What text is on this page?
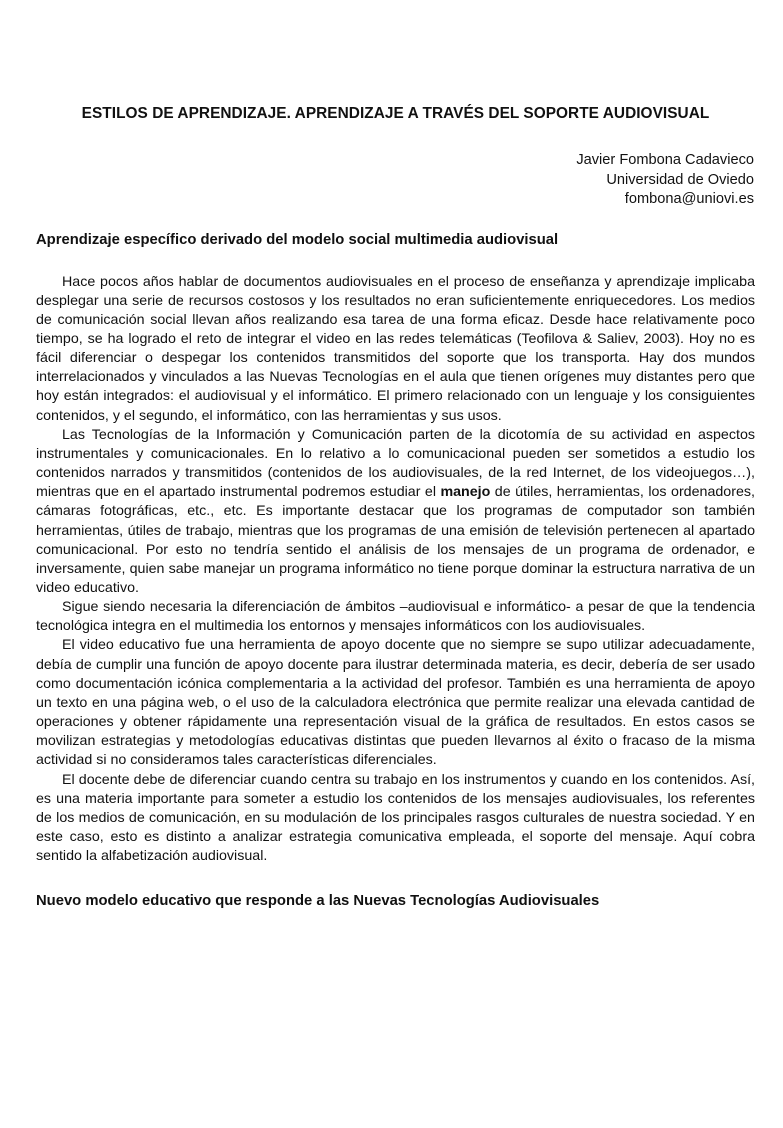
ESTILOS DE APRENDIZAJE. APRENDIZAJE A TRAVÉS DEL SOPORTE AUDIOVISUAL
Javier Fombona Cadavieco
Universidad de Oviedo
fombona@uniovi.es
Aprendizaje específico derivado del modelo social multimedia audiovisual

Hace pocos años hablar de documentos audiovisuales en el proceso de enseñanza y aprendizaje implicaba desplegar una serie de recursos costosos y los resultados no eran suficientemente enriquecedores. Los medios de comunicación social llevan años realizando esa tarea de una forma eficaz. Desde hace relativamente poco tiempo, se ha logrado el reto de integrar el video en las redes telemáticas (Teofilova & Saliev, 2003). Hoy no es fácil diferenciar o despegar los contenidos transmitidos del soporte que los transporta. Hay dos mundos interrelacionados y vinculados a las Nuevas Tecnologías en el aula que tienen orígenes muy distantes pero que hoy están integrados: el audiovisual y el informático. El primero relacionado con un lenguaje y los consiguientes contenidos, y el segundo, el informático, con las herramientas y sus usos.

Las Tecnologías de la Información y Comunicación parten de la dicotomía de su actividad en aspectos instrumentales y comunicacionales. En lo relativo a lo comunicacional pueden ser sometidos a estudio los contenidos narrados y transmitidos (contenidos de los audiovisuales, de la red Internet, de los videojuegos…), mientras que en el apartado instrumental podremos estudiar el manejo de útiles, herramientas, los ordenadores, cámaras fotográficas, etc., etc. Es importante destacar que los programas de computador son también herramientas, útiles de trabajo, mientras que los programas de una emisión de televisión pertenecen al apartado comunicacional. Por esto no tendría sentido el análisis de los mensajes de un programa de ordenador, e inversamente, quien sabe manejar un programa informático no tiene porque dominar la estructura narrativa de un video educativo.

Sigue siendo necesaria la diferenciación de ámbitos –audiovisual e informático- a pesar de que la tendencia tecnológica integra en el multimedia los entornos y mensajes informáticos con los audiovisuales.

El video educativo fue una herramienta de apoyo docente que no siempre se supo utilizar adecuadamente, debía de cumplir una función de apoyo docente para ilustrar determinada materia, es decir, debería de ser usado como documentación icónica complementaria a la actividad del profesor. También es una herramienta de apoyo un texto en una página web, o el uso de la calculadora electrónica que permite realizar una elevada cantidad de operaciones y obtener rápidamente una representación visual de la gráfica de resultados. En estos casos se movilizan estrategias y metodologías educativas distintas que pueden llevarnos al éxito o fracaso de la misma actividad si no consideramos tales características diferenciales.

El docente debe de diferenciar cuando centra su trabajo en los instrumentos y cuando en los contenidos. Así, es una materia importante para someter a estudio los contenidos de los mensajes audiovisuales, los referentes de los medios de comunicación, en su modulación de los principales rasgos culturales de nuestra sociedad. Y en este caso, esto es distinto a analizar estrategia comunicativa empleada, el soporte del mensaje. Aquí cobra sentido la alfabetización audiovisual.

Nuevo modelo educativo que responde a las Nuevas Tecnologías Audiovisuales
